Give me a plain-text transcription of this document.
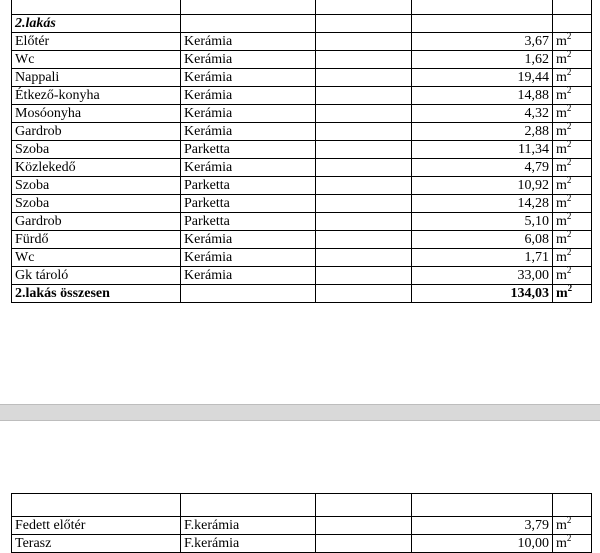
2.lakás				
Előtér	Kerámia		3,67	$m^2$
Wc	Kerámia		1,62	$m^2$
Nappali	Kerámia		19,44	$m^2$
Étkező-konyha	Kerámia		14,88	$m^2$
Mosóonyha	Kerámia		4,32	$m^2$
Gardrob	Kerámia		2,88	$m^2$
Szoba	Parketta		11,34	$m^2$
Közlekedő	Kerámia		4,79	$m^2$
Szoba	Parketta		10,92	$m^2$
Szoba	Parketta		14,28	$m^2$
Gardrob	Parketta		5,10	$m^2$
Fürdő	Kerámia		6,08	$m^2$
Wc	Kerámia		1,71	$m^2$
Gk tároló	Kerámia		33,00	$m^2$
2.lakás összesen			134,03	$m^2$

Fedett előtér	F.kerámia		3,79	$m^2$
Terasz	F.kerámia		10,00	$m^2$
